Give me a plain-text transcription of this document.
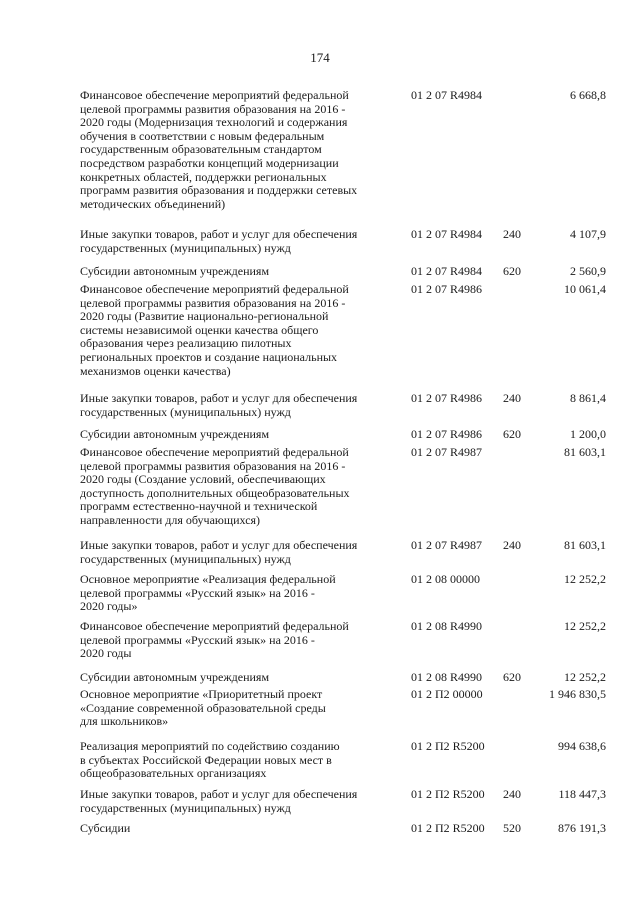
174
Финансовое обеспечение мероприятий федеральной
целевой программы развития образования на 2016 -
2020 годы (Модернизация технологий и содержания
обучения в соответствии с новым федеральным
государственным образовательным стандартом
посредством разработки концепций модернизации
конкретных областей, поддержки региональных
программ развития образования и поддержки сетевых
методических объединений)
01 2 07 R4984	6 668,8
Иные закупки товаров, работ и услуг для обеспечения
государственных (муниципальных) нужд
01 2 07 R4984 240	4 107,9
Субсидии автономным учреждениям	01 2 07 R4984 620	2 560,9
Финансовое обеспечение мероприятий федеральной
целевой программы развития образования на 2016 -
2020 годы (Развитие национально-региональной
системы независимой оценки качества общего
образования через реализацию пилотных
региональных проектов и создание национальных
механизмов оценки качества)
01 2 07 R4986	10 061,4
Иные закупки товаров, работ и услуг для обеспечения
государственных (муниципальных) нужд
01 2 07 R4986 240	8 861,4
Субсидии автономным учреждениям	01 2 07 R4986 620	1 200,0
Финансовое обеспечение мероприятий федеральной
целевой программы развития образования на 2016 -
2020 годы (Создание условий, обеспечивающих
доступность дополнительных общеобразовательных
программ естественно-научной и технической
направленности для обучающихся)
01 2 07 R4987	81 603,1
Иные закупки товаров, работ и услуг для обеспечения
государственных (муниципальных) нужд
01 2 07 R4987 240	81 603,1
Основное мероприятие «Реализация федеральной
целевой программы «Русский язык» на 2016 -
2020 годы»
01 2 08 00000	12 252,2
Финансовое обеспечение мероприятий федеральной
целевой программы «Русский язык» на 2016 -
2020 годы
01 2 08 R4990	12 252,2
Субсидии автономным учреждениям	01 2 08 R4990 620	12 252,2
Основное мероприятие «Приоритетный проект
«Создание современной образовательной среды
для школьников»
01 2 П2 00000	1 946 830,5
Реализация мероприятий по содействию созданию
в субъектах Российской Федерации новых мест в
общеобразовательных организациях
01 2 П2 R5200	994 638,6
Иные закупки товаров, работ и услуг для обеспечения
государственных (муниципальных) нужд
01 2 П2 R5200 240	118 447,3
Субсидии	01 2 П2 R5200 520	876 191,3
